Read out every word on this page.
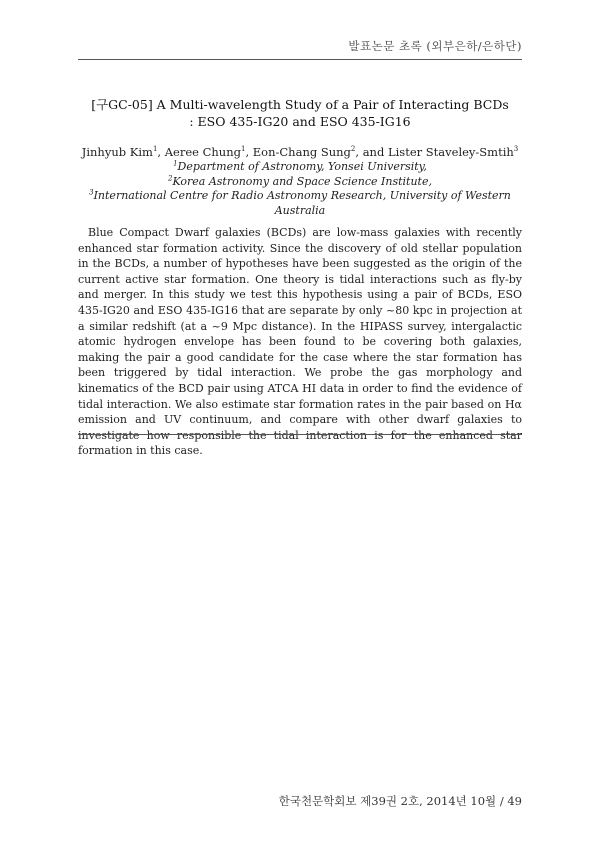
발표논문 초록 (외부은하/은하단)
[구GC-05] A Multi-wavelength Study of a Pair of Interacting BCDs
: ESO 435-IG20 and ESO 435-IG16
Jinhyub Kim$^1$, Aeree Chung$^1$, Eon-Chang Sung$^2$, and Lister Staveley-Smtih$^3$
$^1$Department of Astronomy, Yonsei University,
$^2$Korea Astronomy and Space Science Institute,
$^3$International Centre for Radio Astronomy Research, University of Western
Australia

Blue Compact Dwarf galaxies (BCDs) are low-mass galaxies with recently enhanced star formation activity. Since the discovery of old stellar population in the BCDs, a number of hypotheses have been suggested as the origin of the current active star formation. One theory is tidal interactions such as fly-by and merger. In this study we test this hypothesis using a pair of BCDs, ESO 435-IG20 and ESO 435-IG16 that are separate by only ~80 kpc in projection at a similar redshift (at a ~9 Mpc distance). In the HIPASS survey, intergalactic atomic hydrogen envelope has been found to be covering both galaxies, making the pair a good candidate for the case where the star formation has been triggered by tidal interaction. We probe the gas morphology and kinematics of the BCD pair using ATCA HI data in order to find the evidence of tidal interaction. We also estimate star formation rates in the pair based on Hα emission and UV continuum, and compare with other dwarf galaxies to investigate how responsible the tidal interaction is for the enhanced star formation in this case.

한국천문학회보 제39권 2호, 2014년 10월 / 49
